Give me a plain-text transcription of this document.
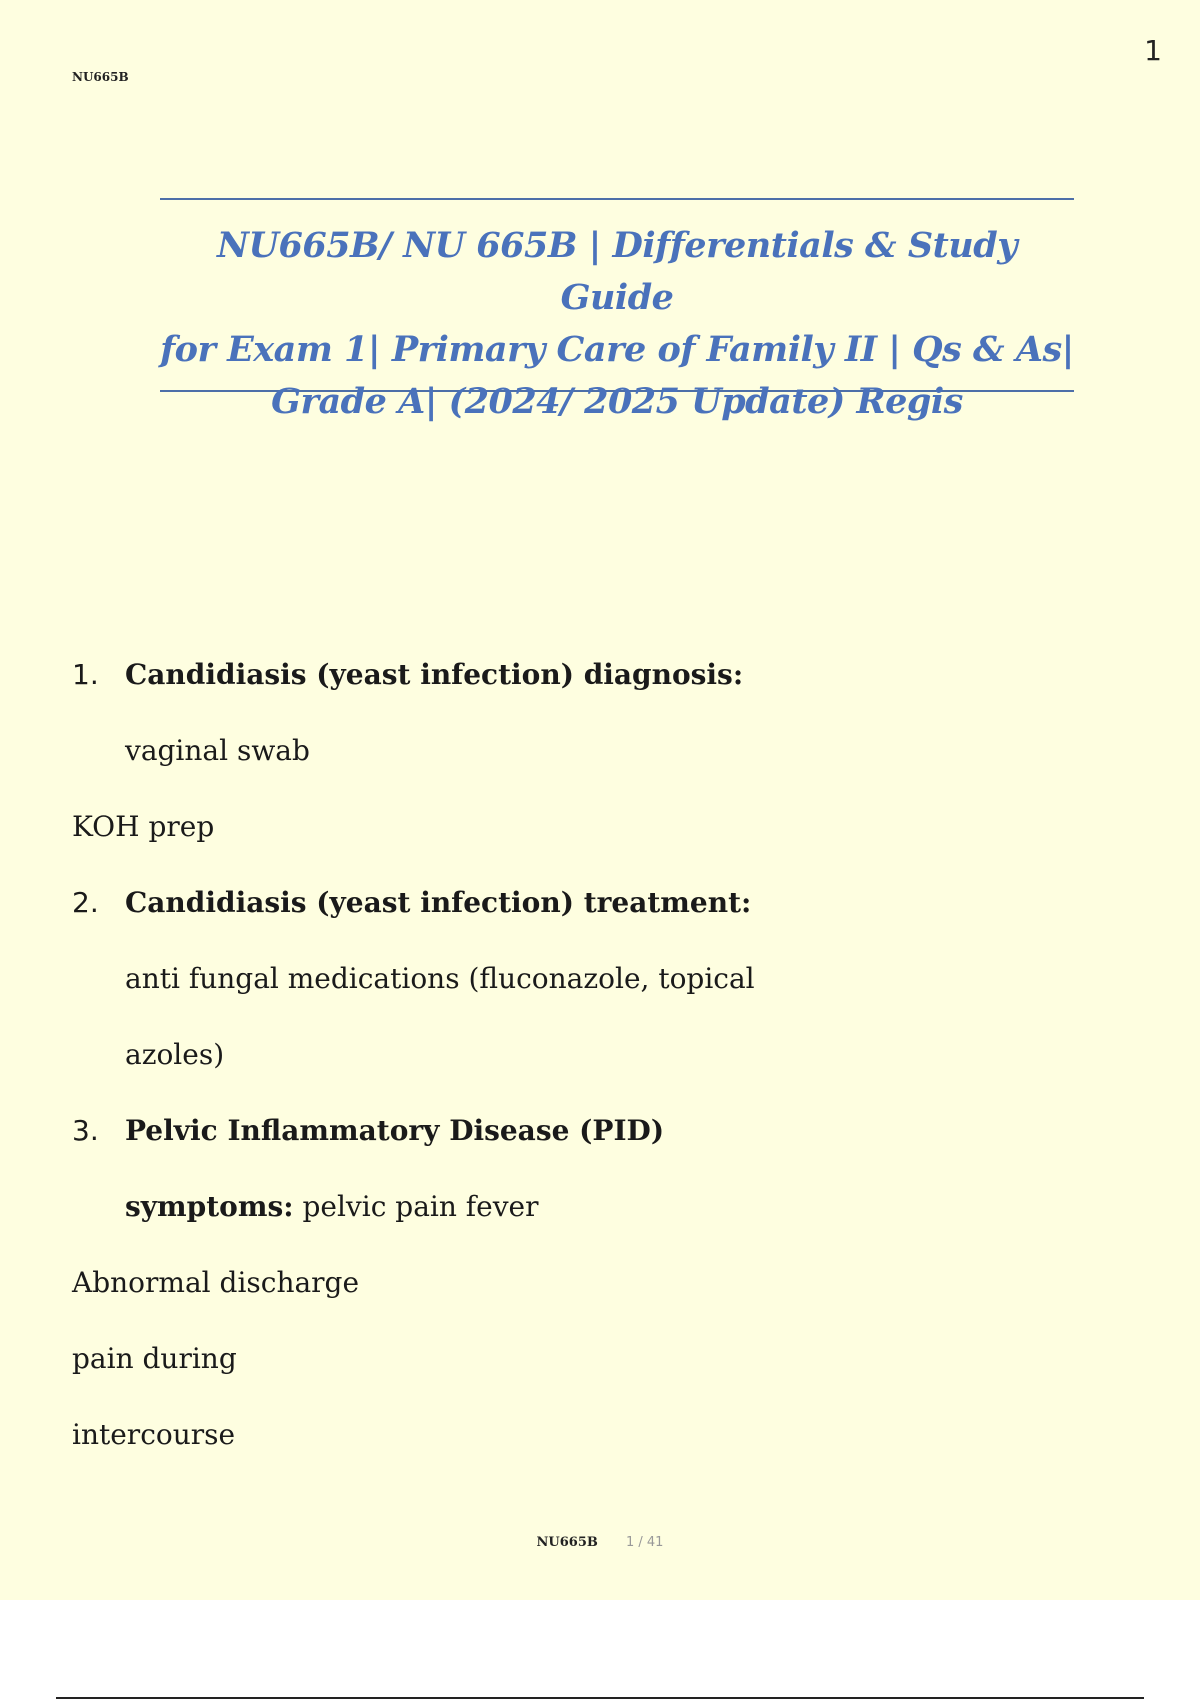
NU665B
1

NU665B/ NU 665B | Differentials & Study Guide
for Exam 1| Primary Care of Family II | Qs & As|
Grade A| (2024/ 2025 Update) Regis

1. Candidiasis (yeast infection) diagnosis:
vaginal swab
KOH prep
2. Candidiasis (yeast infection) treatment:
anti fungal medications (fluconazole, topical
azoles)
3. Pelvic Inflammatory Disease (PID)
symptoms: pelvic pain fever
Abnormal discharge
pain during
intercourse
NU665B 1 / 41
